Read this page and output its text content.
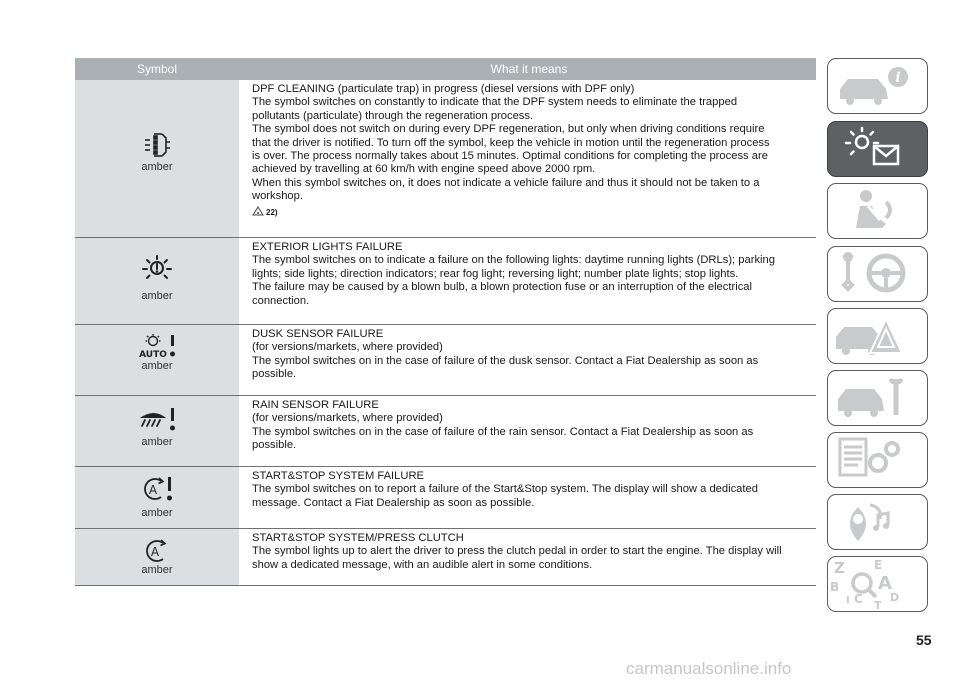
Symbol	What it means
amber

DPF CLEANING (particulate trap) in progress (diesel versions with DPF only)

The symbol switches on constantly to indicate that the DPF system needs to eliminate the trapped

pollutants (particulate) through the regeneration process.

The symbol does not switch on during every DPF regeneration, but only when driving conditions require

that the driver is notified. To turn off the symbol, keep the vehicle in motion until the regeneration process

is over. The process normally takes about 15 minutes. Optimal conditions for completing the process are

achieved by travelling at 60 km/h with engine speed above 2000 rpm.

When this symbol switches on, it does not indicate a vehicle failure and thus it should not be taken to a

workshop.

22)
amber

EXTERIOR LIGHTS FAILURE

The symbol switches on to indicate a failure on the following lights: daytime running lights (DRLs); parking

lights; side lights; direction indicators; rear fog light; reversing light; number plate lights; stop lights.

The failure may be caused by a blown bulb, a blown protection fuse or an interruption of the electrical

connection.

AUTO
amber

DUSK SENSOR FAILURE

(for versions/markets, where provided)

The symbol switches on in the case of failure of the dusk sensor. Contact a Fiat Dealership as soon as

possible.

amber

RAIN SENSOR FAILURE

(for versions/markets, where provided)

The symbol switches on in the case of failure of the rain sensor. Contact a Fiat Dealership as soon as

possible.

A
amber

START&STOP SYSTEM FAILURE

The symbol switches on to report a failure of the Start&Stop system. The display will show a dedicated

message. Contact a Fiat Dealership as soon as possible.

A
amber

START&STOP SYSTEM/PRESS CLUTCH

The symbol lights up to alert the driver to press the clutch pedal in order to start the engine. The display will

show a dedicated message, with an audible alert in some conditions.

i
Z E
B A
C D
T
I
55
carmanualsonline.info
